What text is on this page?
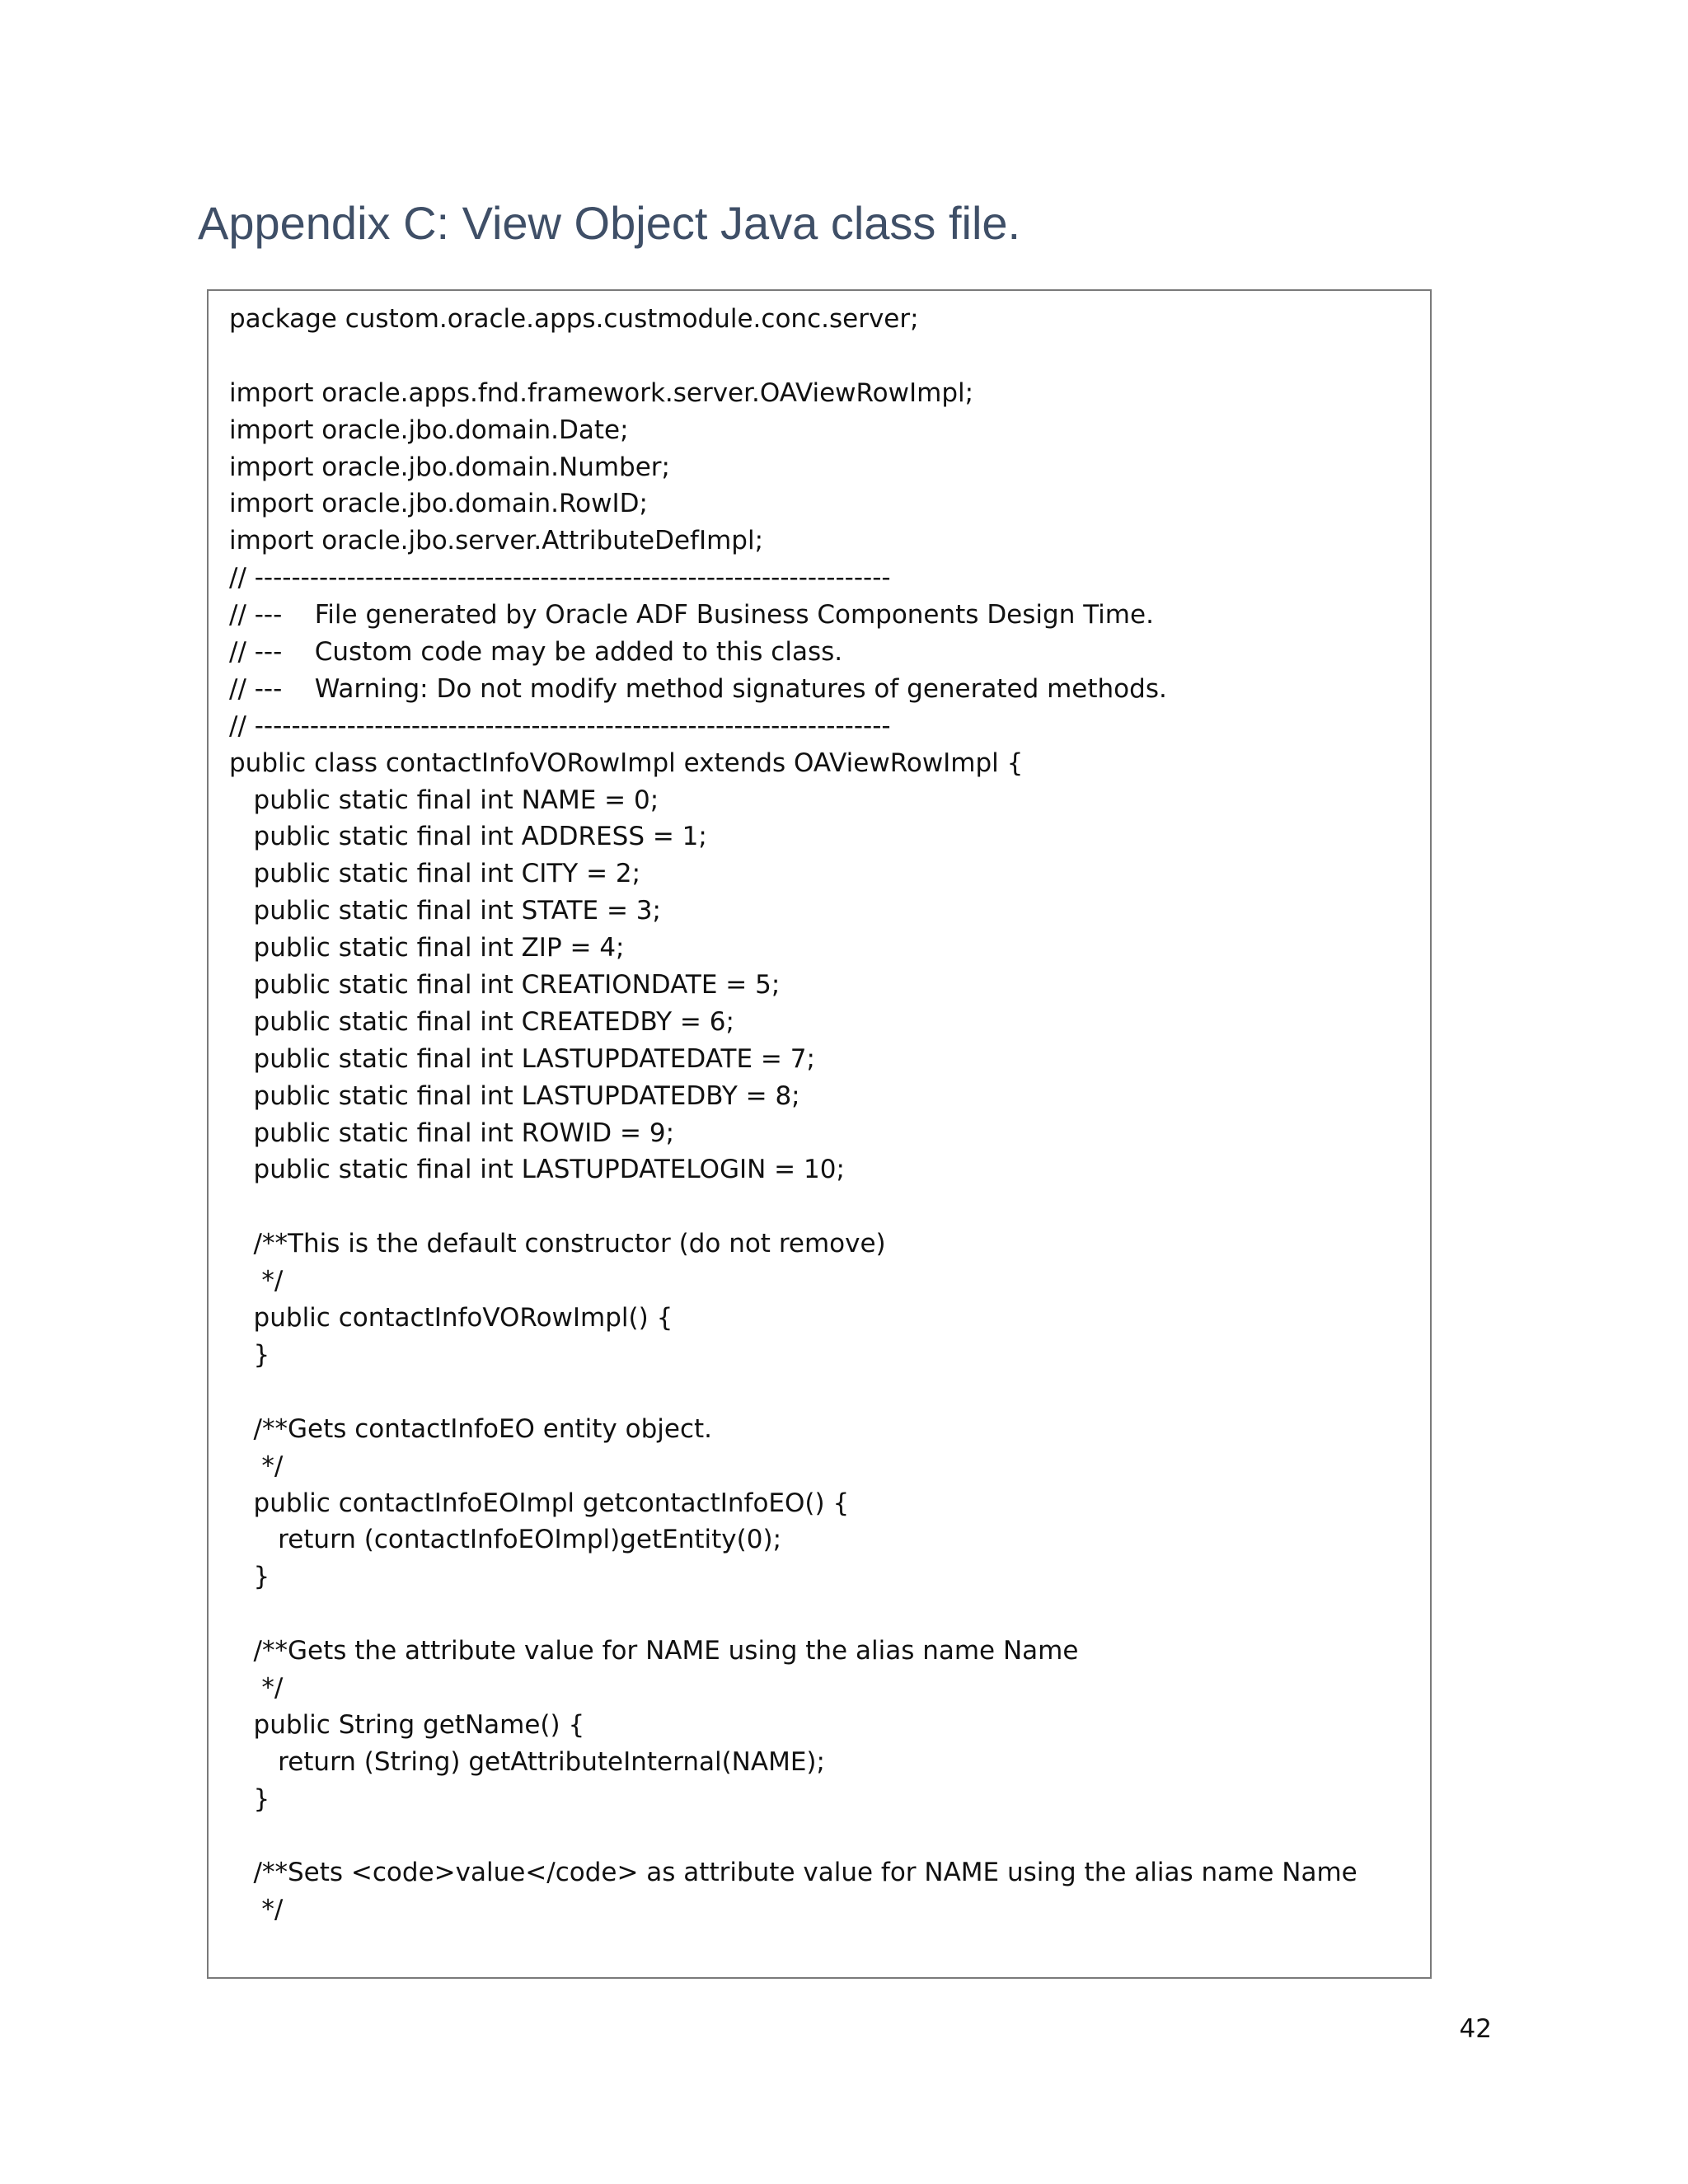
Appendix C: View Object Java class file.
package custom.oracle.apps.custmodule.conc.server;
import oracle.apps.fnd.framework.server.OAViewRowImpl;
import oracle.jbo.domain.Date;
import oracle.jbo.domain.Number;
import oracle.jbo.domain.RowID;
import oracle.jbo.server.AttributeDefImpl;
// ---------------------------------------------------------------------
// ---    File generated by Oracle ADF Business Components Design Time.
// ---    Custom code may be added to this class.
// ---    Warning: Do not modify method signatures of generated methods.
// ---------------------------------------------------------------------
public class contactInfoVORowImpl extends OAViewRowImpl {
public static final int NAME = 0;
public static final int ADDRESS = 1;
public static final int CITY = 2;
public static final int STATE = 3;
public static final int ZIP = 4;
public static final int CREATIONDATE = 5;
public static final int CREATEDBY = 6;
public static final int LASTUPDATEDATE = 7;
public static final int LASTUPDATEDBY = 8;
public static final int ROWID = 9;
public static final int LASTUPDATELOGIN = 10;
/**This is the default constructor (do not remove)
*/
public contactInfoVORowImpl() {
}
/**Gets contactInfoEO entity object.
*/
public contactInfoEOImpl getcontactInfoEO() {
return (contactInfoEOImpl)getEntity(0);
}
/**Gets the attribute value for NAME using the alias name Name
*/
public String getName() {
return (String) getAttributeInternal(NAME);
}
/**Sets <code>value</code> as attribute value for NAME using the alias name Name
*/
42
